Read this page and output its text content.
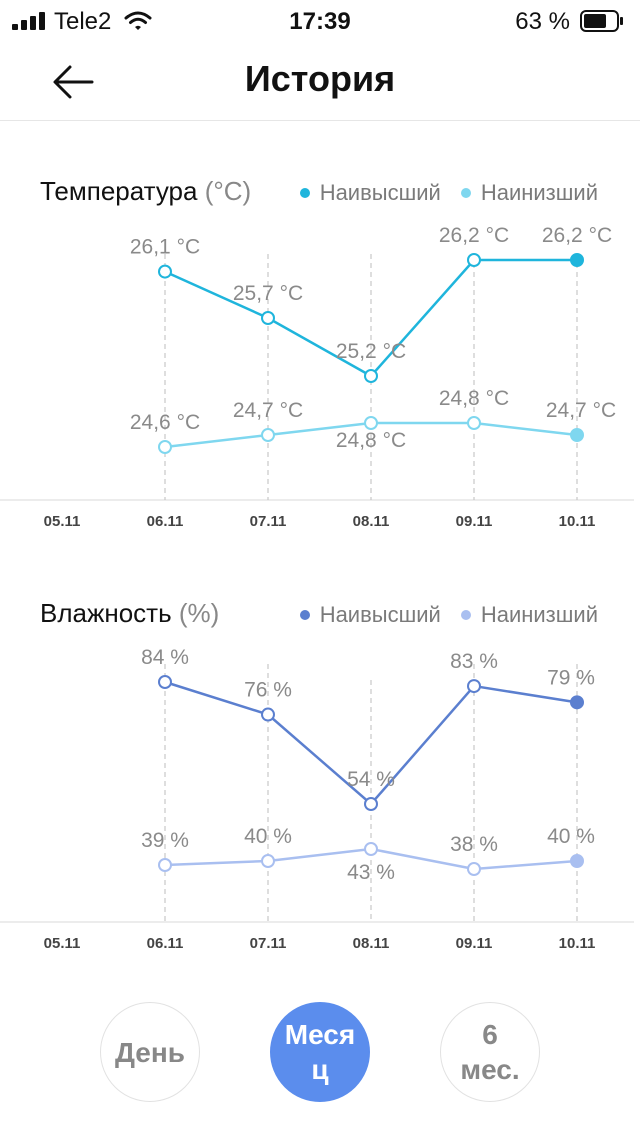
Tele2	17:39	63 %
История
Температура (°C)	Наивысший Наинизший
05.11	06.11	07.11	08.11	09.11	10.11
26,1 °C
25,7 °C
25,2 °C
26,2 °C 26,2 °C
24,6 °C
24,7 °C
24,8 °C
24,8 °C
24,7 °C
Влажность (%)	Наивысший Наинизший
05.11	06.11	07.11	08.11	09.11	10.11
84 %
76 %
54 %
83 %
79 %
39 %	40 %
43 %
38 % 40 %
День
Меся
ц
6
мес.
